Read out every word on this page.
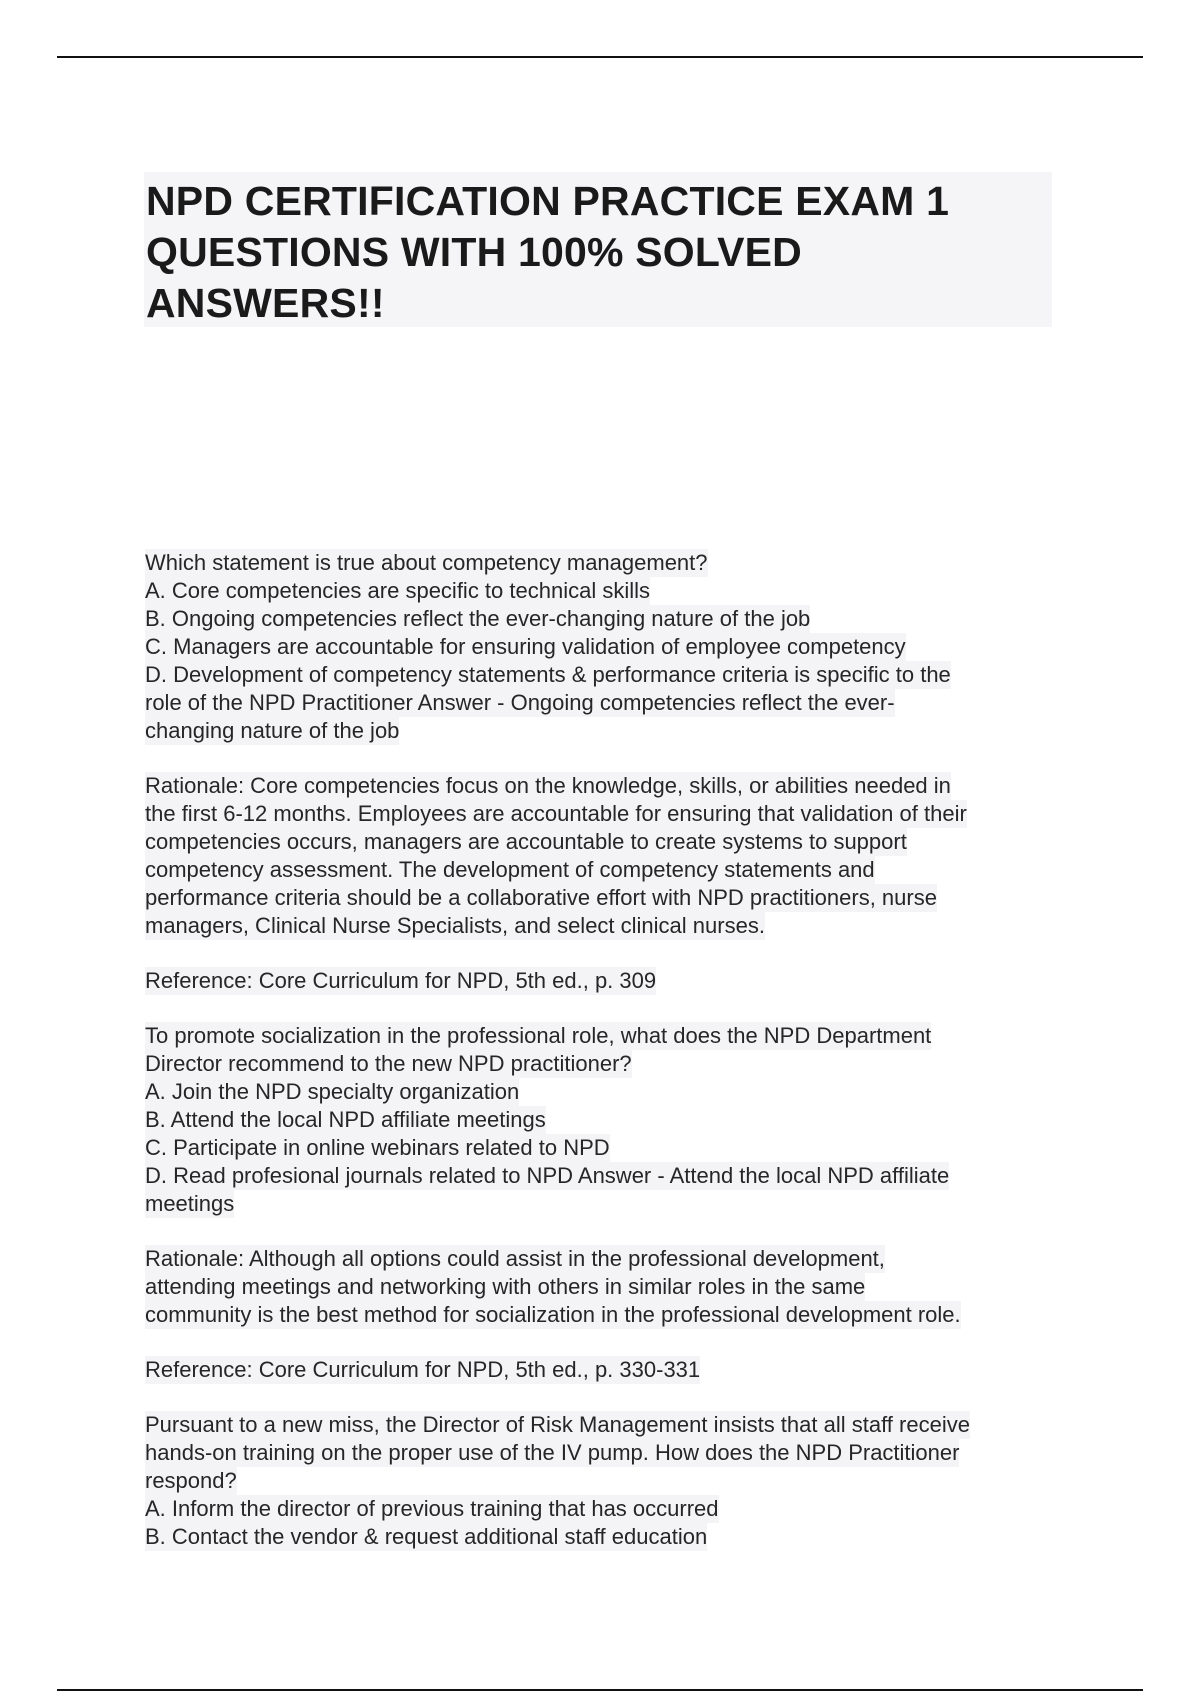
NPD CERTIFICATION PRACTICE EXAM 1
QUESTIONS WITH 100% SOLVED
ANSWERS!!
Which statement is true about competency management?
A. Core competencies are specific to technical skills
B. Ongoing competencies reflect the ever-changing nature of the job
C. Managers are accountable for ensuring validation of employee competency
D. Development of competency statements & performance criteria is specific to the
role of the NPD Practitioner Answer - Ongoing competencies reflect the ever-
changing nature of the job
Rationale: Core competencies focus on the knowledge, skills, or abilities needed in
the first 6-12 months. Employees are accountable for ensuring that validation of their
competencies occurs, managers are accountable to create systems to support
competency assessment. The development of competency statements and
performance criteria should be a collaborative effort with NPD practitioners, nurse
managers, Clinical Nurse Specialists, and select clinical nurses.
Reference: Core Curriculum for NPD, 5th ed., p. 309
To promote socialization in the professional role, what does the NPD Department
Director recommend to the new NPD practitioner?
A. Join the NPD specialty organization
B. Attend the local NPD affiliate meetings
C. Participate in online webinars related to NPD
D. Read profesional journals related to NPD Answer - Attend the local NPD affiliate
meetings
Rationale: Although all options could assist in the professional development,
attending meetings and networking with others in similar roles in the same
community is the best method for socialization in the professional development role.
Reference: Core Curriculum for NPD, 5th ed., p. 330-331
Pursuant to a new miss, the Director of Risk Management insists that all staff receive
hands-on training on the proper use of the IV pump. How does the NPD Practitioner
respond?
A. Inform the director of previous training that has occurred
B. Contact the vendor & request additional staff education
